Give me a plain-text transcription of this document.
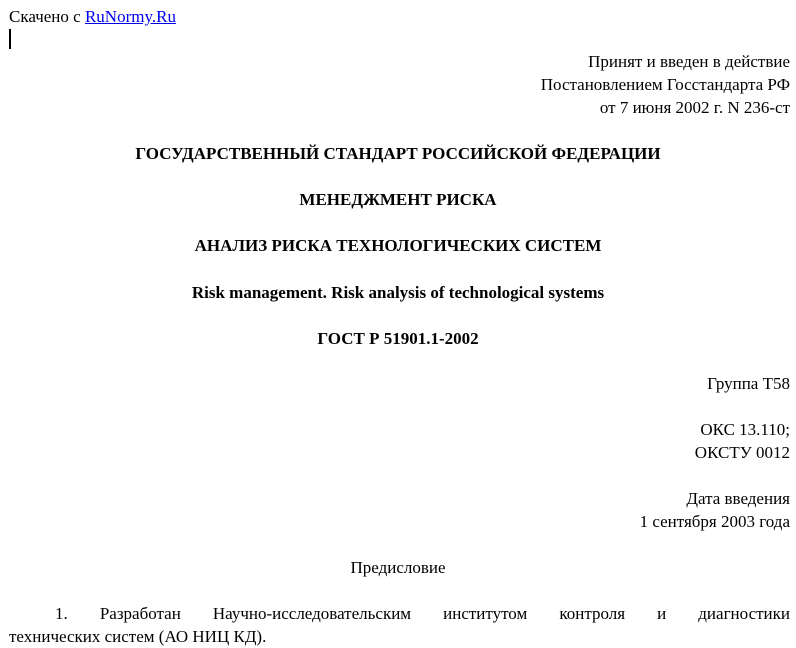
Скачено с RuNormy.Ru
Принят и введен в действие
Постановлением Госстандарта РФ
от 7 июня 2002 г. N 236-ст
ГОСУДАРСТВЕННЫЙ СТАНДАРТ РОССИЙСКОЙ ФЕДЕРАЦИИ
МЕНЕДЖМЕНТ РИСКА
АНАЛИЗ РИСКА ТЕХНОЛОГИЧЕСКИХ СИСТЕМ
Risk management. Risk analysis of technological systems
ГОСТ Р 51901.1-2002
Группа Т58
ОКС 13.110;
ОКСТУ 0012
Дата введения
1 сентября 2003 года
Предисловие
1. Разработан Научно-исследовательским институтом контроля и диагностики
технических систем (АО НИЦ КД).
